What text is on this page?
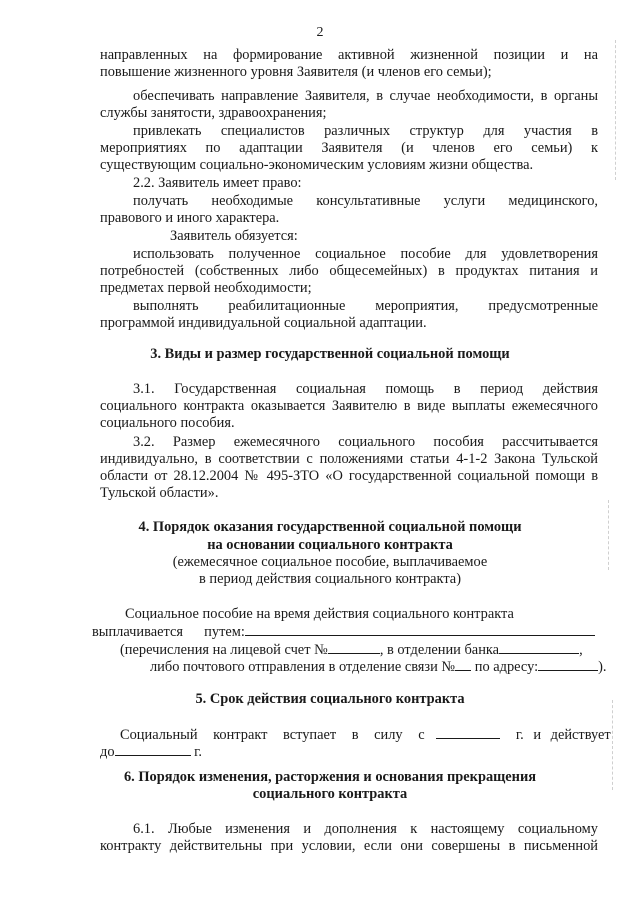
2
направленных на формирование активной жизненной позиции и на
повышение жизненного уровня Заявителя (и членов его семьи);
обеспечивать направление Заявителя, в случае необходимости, в органы
службы занятости, здравоохранения;
привлекать специалистов различных структур для участия в
мероприятиях по адаптации Заявителя (и членов его семьи) к
существующим социально-экономическим условиям жизни общества.
2.2. Заявитель имеет право:
получать необходимые консультативные услуги медицинского,
правового и иного характера.
Заявитель обязуется:
использовать полученное социальное пособие для удовлетворения
потребностей (собственных либо общесемейных) в продуктах питания и
предметах первой необходимости;
выполнять реабилитационные мероприятия, предусмотренные
программой индивидуальной социальной адаптации.
3. Виды и размер государственной социальной помощи
3.1. Государственная социальная помощь в период действия
социального контракта оказывается Заявителю в виде выплаты ежемесячного
социального пособия.
3.2. Размер ежемесячного социального пособия рассчитывается
индивидуально, в соответствии с положениями статьи 4-1-2 Закона Тульской
области от 28.12.2004 № 495-ЗТО «О государственной социальной помощи в
Тульской области».
4. Порядок оказания государственной социальной помощи
на основании социального контракта
(ежемесячное социальное пособие, выплачиваемое
в период действия социального контракта)
Социальное пособие на время действия социального контракта
выплачивается путем:
(перечисления на лицевой счет №	, в отделении банка	,
либо почтового отправления в отделение связи № по адресу:	).
5. Срок действия социального контракта
Социальный контракт вступает в силу с	г. и действует
до	г.
6. Порядок изменения, расторжения и основания прекращения
социального контракта
6.1. Любые изменения и дополнения к настоящему социальному
контракту действительны при условии, если они совершены в письменной
